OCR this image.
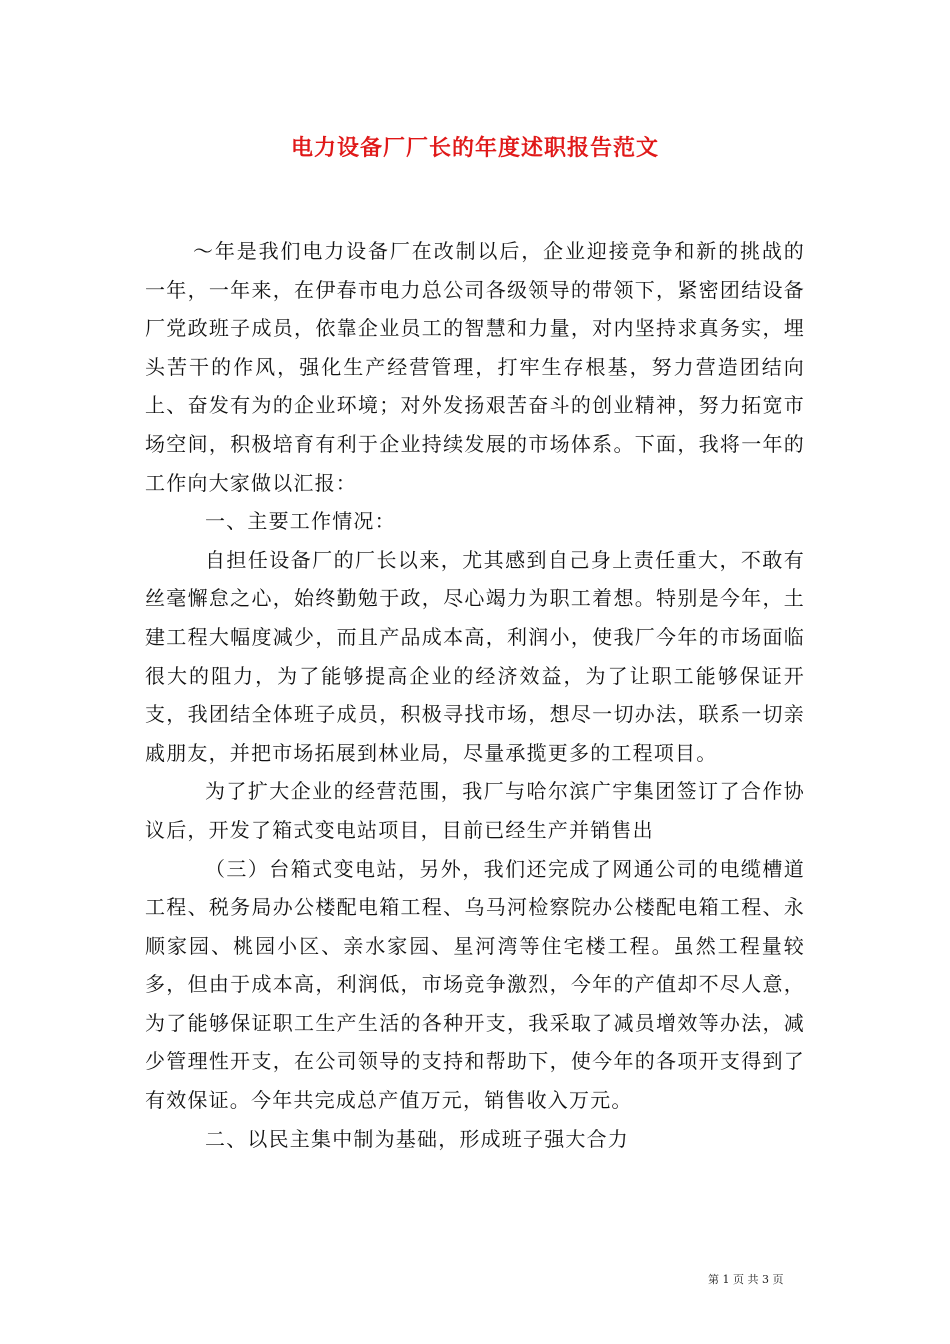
电力设备厂厂长的年度述职报告范文

～年是我们电力设备厂在改制以后，企业迎接竞争和新的挑战的一年，一年来，在伊春市电力总公司各级领导的带领下，紧密团结设备厂党政班子成员，依靠企业员工的智慧和力量，对内坚持求真务实，埋头苦干的作风，强化生产经营管理，打牢生存根基，努力营造团结向上、奋发有为的企业环境；对外发扬艰苦奋斗的创业精神，努力拓宽市场空间，积极培育有利于企业持续发展的市场体系。下面，我将一年的工作向大家做以汇报：

一、主要工作情况：

自担任设备厂的厂长以来，尤其感到自己身上责任重大，不敢有丝毫懈怠之心，始终勤勉于政，尽心竭力为职工着想。特别是今年，土建工程大幅度减少，而且产品成本高，利润小，使我厂今年的市场面临很大的阻力，为了能够提高企业的经济效益，为了让职工能够保证开支，我团结全体班子成员，积极寻找市场，想尽一切办法，联系一切亲戚朋友，并把市场拓展到林业局，尽量承揽更多的工程项目。

为了扩大企业的经营范围，我厂与哈尔滨广宇集团签订了合作协议后，开发了箱式变电站项目，目前已经生产并销售出

（三）台箱式变电站，另外，我们还完成了网通公司的电缆槽道工程、税务局办公楼配电箱工程、乌马河检察院办公楼配电箱工程、永顺家园、桃园小区、亲水家园、星河湾等住宅楼工程。虽然工程量较多，但由于成本高，利润低，市场竞争激烈，今年的产值却不尽人意，为了能够保证职工生产生活的各种开支，我采取了减员增效等办法，减少管理性开支，在公司领导的支持和帮助下，使今年的各项开支得到了有效保证。今年共完成总产值万元，销售收入万元。

二、以民主集中制为基础，形成班子强大合力

第 1 页 共 3 页
